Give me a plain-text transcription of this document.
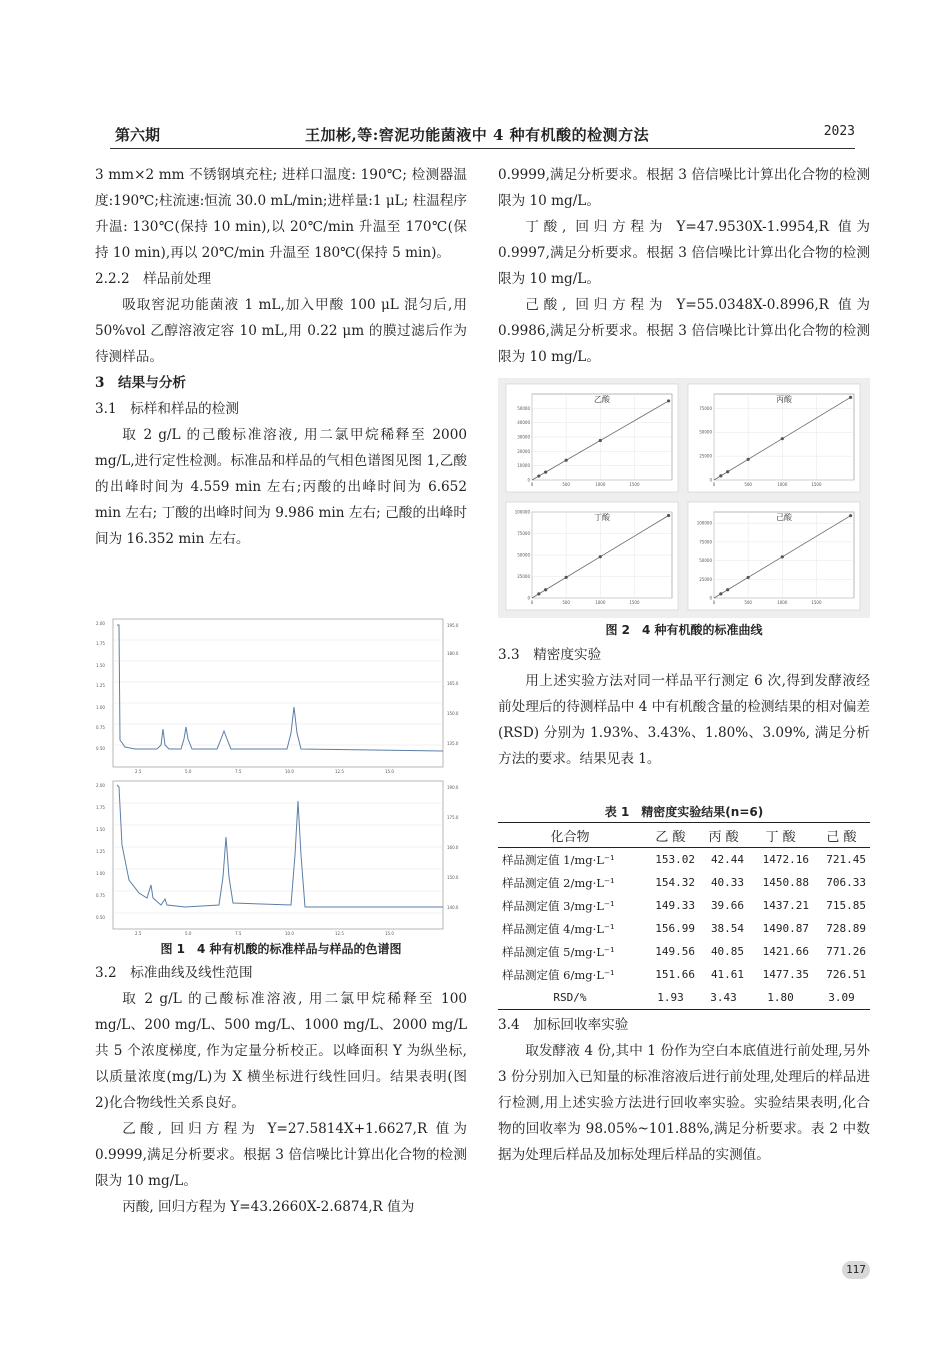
第六期	王加彬,等:窖泥功能菌液中 4 种有机酸的检测方法	2023

3 mm×2 mm 不锈钢填充柱; 进样口温度: 190℃; 检测器温度:190℃;柱流速:恒流 30.0 mL/min;进样量:1 μL; 柱温程序升温: 130℃(保持 10 min),以 20℃/min 升温至 170℃(保持 10 min),再以 20℃/min 升温至 180℃(保持 5 min)。

2.2.2　样品前处理

吸取窖泥功能菌液 1 mL,加入甲酸 100 μL 混匀后,用 50%vol 乙醇溶液定容 10 mL,用 0.22 μm 的膜过滤后作为待测样品。

3　结果与分析

3.1　标样和样品的检测

取 2 g/L 的己酸标准溶液, 用二氯甲烷稀释至 2000 mg/L,进行定性检测。标准品和样品的气相色谱图见图 1,乙酸的出峰时间为 4.559 min 左右;丙酸的出峰时间为 6.652 min 左右; 丁酸的出峰时间为 9.986 min 左右; 己酸的出峰时间为 16.352 min 左右。

2.00
1.75
1.50
1.25
1.00
0.75
0.50
195.0
180.0
165.0
150.0
135.0
2.5	5.0	7.5	10.0	12.5	15.0
2.00
1.75
1.50
1.25
1.00
0.75
0.50
190.0
175.0
160.0
150.0
140.0
2.5	5.0	7.5	10.0	12.5	15.0
图 1　4 种有机酸的标准样品与样品的色谱图

3.2　标准曲线及线性范围

取 2 g/L 的己酸标准溶液, 用二氯甲烷稀释至 100 mg/L、200 mg/L、500 mg/L、1000 mg/L、2000 mg/L 共 5 个浓度梯度, 作为定量分析校正。以峰面积 Y 为纵坐标,以质量浓度(mg/L)为 X 横坐标进行线性回归。结果表明(图 2)化合物线性关系良好。

乙酸, 回归方程为 Y=27.5814X+1.6627,R 值为 0.9999,满足分析要求。根据 3 倍信噪比计算出化合物的检测限为 10 mg/L。

丙酸, 回归方程为 Y=43.2660X-2.6874,R 值为

0.9999,满足分析要求。根据 3 倍信噪比计算出化合物的检测限为 10 mg/L。

丁酸, 回归方程为 Y=47.9530X-1.9954,R 值为 0.9997,满足分析要求。根据 3 倍信噪比计算出化合物的检测限为 10 mg/L。

己酸, 回归方程为 Y=55.0348X-0.8996,R 值为 0.9986,满足分析要求。根据 3 倍信噪比计算出化合物的检测限为 10 mg/L。

0
10000
20000
30000
40000
50000
0	500	1000	1500
乙酸
0
25000
50000
75000
0	500	1000	1500
丙酸
0
25000
50000
75000
100000
0	500	1000	1500
丁酸
0
25000
50000
75000
100000
0	500	1000	1500
己酸
图 2　4 种有机酸的标准曲线

3.3　精密度实验

用上述实验方法对同一样品平行测定 6 次,得到发酵液经前处理后的待测样品中 4 中有机酸含量的检测结果的相对偏差 (RSD) 分别为 1.93%、3.43%、1.80%、3.09%, 满足分析方法的要求。结果见表 1。

表 1　精密度实验结果(n=6)
化合物	乙 酸	丙 酸	丁 酸	己 酸
样品测定值 1/mg·L⁻¹	153.02	42.44	1472.16	721.45
样品测定值 2/mg·L⁻¹	154.32	40.33	1450.88	706.33
样品测定值 3/mg·L⁻¹	149.33	39.66	1437.21	715.85
样品测定值 4/mg·L⁻¹	156.99	38.54	1490.87	728.89
样品测定值 5/mg·L⁻¹	149.56	40.85	1421.66	771.26
样品测定值 6/mg·L⁻¹	151.66	41.61	1477.35	726.51
RSD/%	1.93	3.43	1.80	3.09

3.4　加标回收率实验

取发酵液 4 份,其中 1 份作为空白本底值进行前处理,另外 3 份分别加入已知量的标准溶液后进行前处理,处理后的样品进行检测,用上述实验方法进行回收率实验。实验结果表明,化合物的回收率为 98.05%~101.88%,满足分析要求。表 2 中数据为处理后样品及加标处理后样品的实测值。

117
